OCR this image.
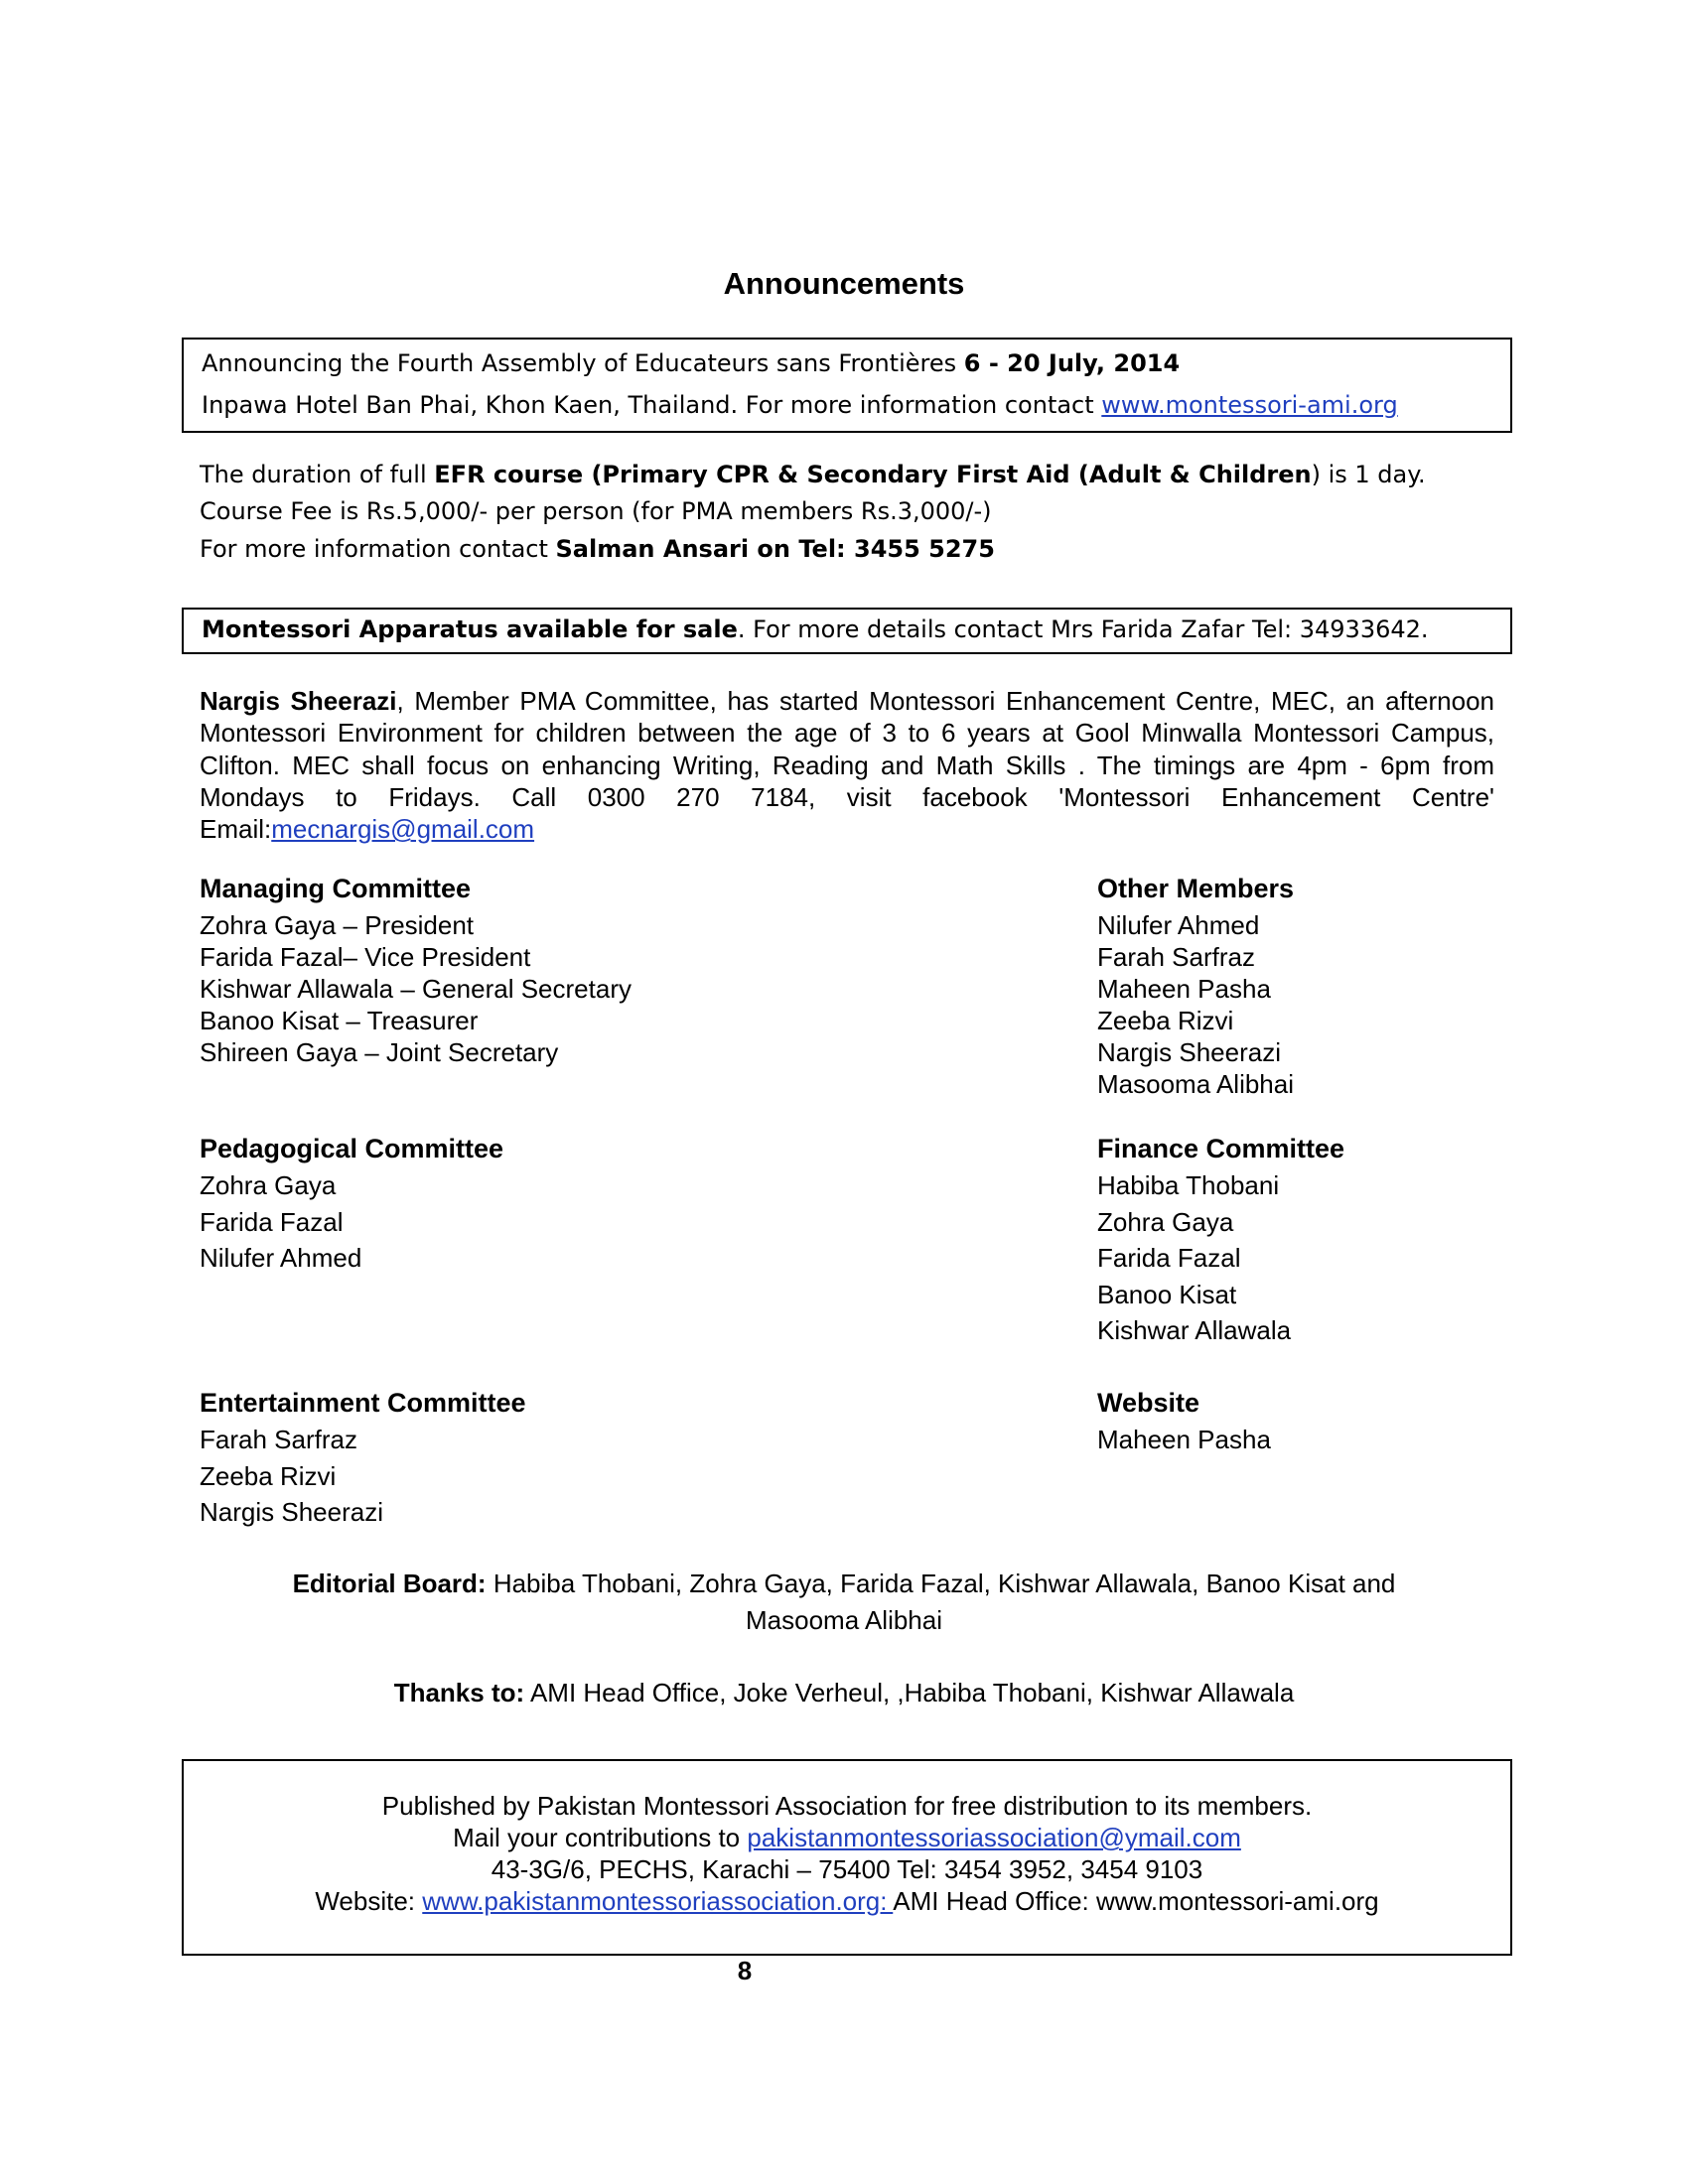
Announcements
Announcing the Fourth Assembly of Educateurs sans Frontières 6 - 20 July, 2014
Inpawa Hotel Ban Phai, Khon Kaen, Thailand. For more information contact www.montessori-ami.org
The duration of full EFR course (Primary CPR & Secondary First Aid (Adult & Children) is 1 day.
Course Fee is Rs.5,000/- per person (for PMA members Rs.3,000/-)
For more information contact Salman Ansari on Tel: 3455 5275
Montessori Apparatus available for sale. For more details contact Mrs Farida Zafar Tel: 34933642.
Nargis Sheerazi, Member PMA Committee, has started Montessori Enhancement Centre, MEC, an afternoon Montessori Environment for children between the age of 3 to 6 years at Gool Minwalla Montessori Campus, Clifton. MEC shall focus on enhancing Writing, Reading and Math Skills . The timings are 4pm - 6pm from Mondays to Fridays. Call 0300 270 7184, visit facebook 'Montessori Enhancement Centre' Email:mecnargis@gmail.com
Managing Committee
Zohra Gaya – President
Farida Fazal– Vice President
Kishwar Allawala – General Secretary
Banoo Kisat – Treasurer
Shireen Gaya – Joint Secretary
Other Members
Nilufer Ahmed
Farah Sarfraz
Maheen Pasha
Zeeba Rizvi
Nargis Sheerazi
Masooma Alibhai
Pedagogical Committee
Zohra Gaya
Farida Fazal
Nilufer Ahmed
Finance Committee
Habiba Thobani
Zohra Gaya
Farida Fazal
Banoo Kisat
Kishwar Allawala
Entertainment Committee
Farah Sarfraz
Zeeba Rizvi
Nargis Sheerazi
Website
Maheen Pasha
Editorial Board: Habiba Thobani, Zohra Gaya, Farida Fazal, Kishwar Allawala, Banoo Kisat and
Masooma Alibhai
Thanks to: AMI Head Office, Joke Verheul, ,Habiba Thobani, Kishwar Allawala
Published by Pakistan Montessori Association for free distribution to its members.
Mail your contributions to pakistanmontessoriassociation@ymail.com
43-3G/6, PECHS, Karachi – 75400 Tel: 3454 3952, 3454 9103
Website: www.pakistanmontessoriassociation.org: AMI Head Office: www.montessori-ami.org
8
